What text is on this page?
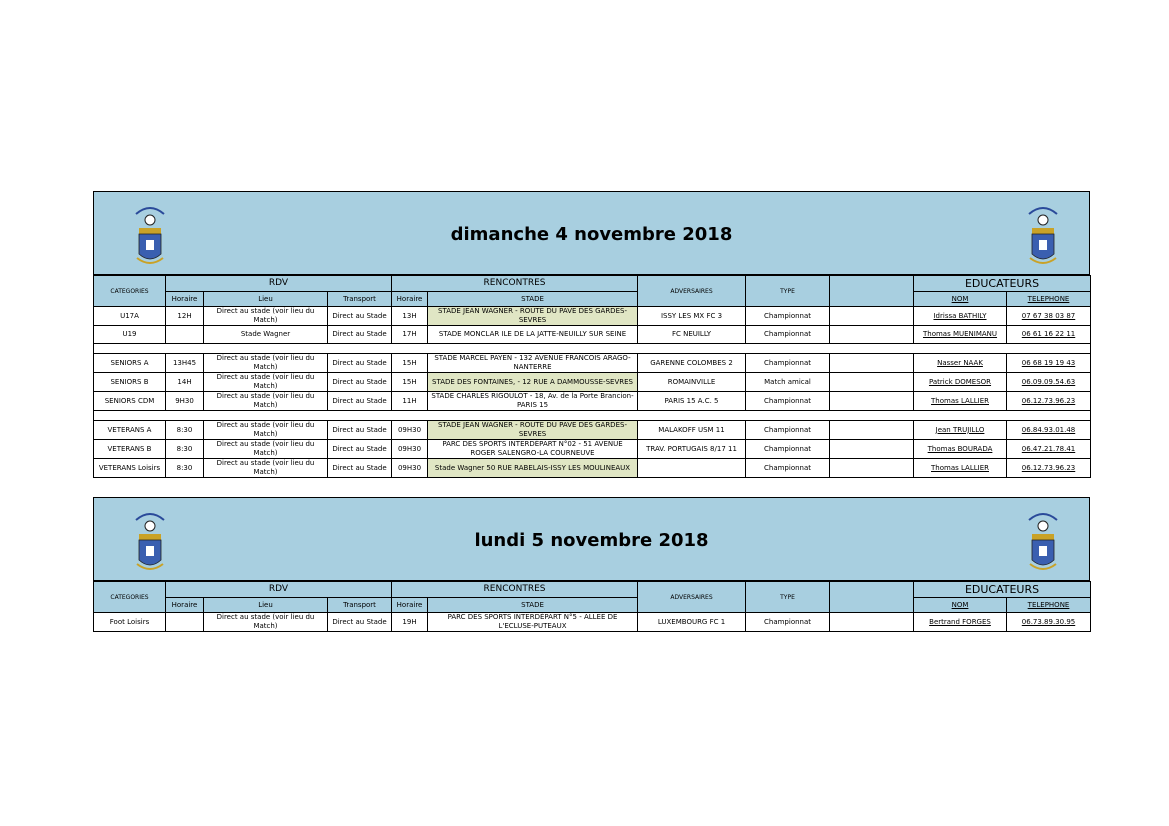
dimanche 4 novembre 2018
CATEGORIES	RDV			RENCONTRES		ADVERSAIRES	TYPE		EDUCATEURS	
	Horaire	Lieu	Transport	Horaire	STADE				NOM	TELEPHONE
U17A	12H	Direct au stade (voir lieu du Match)	Direct au Stade	13H	STADE JEAN WAGNER - ROUTE DU PAVE DES GARDES-SEVRES	ISSY LES MX FC 3	Championnat		Idrissa BATHILY	07 67 38 03 87
U19		Stade Wagner	Direct au Stade	17H	STADE MONCLAR ILE DE LA JATTE-NEUILLY SUR SEINE	FC NEUILLY	Championnat		Thomas MUENIMANU	06 61 16 22 11

SENIORS A	13H45	Direct au stade (voir lieu du Match)	Direct au Stade	15H	STADE MARCEL PAYEN - 132 AVENUE FRANCOIS ARAGO-NANTERRE	GARENNE COLOMBES 2	Championnat		Nasser NAAK	06 68 19 19 43
SENIORS B	14H	Direct au stade (voir lieu du Match)	Direct au Stade	15H	STADE DES FONTAINES, - 12 RUE A DAMMOUSSE-SEVRES	ROMAINVILLE	Match amical		Patrick DOMESOR	06.09.09.54.63
SENIORS CDM	9H30	Direct au stade (voir lieu du Match)	Direct au Stade	11H	STADE CHARLES RIGOULOT - 18, Av. de la Porte Brancion-PARIS 15	PARIS 15 A.C. 5	Championnat		Thomas LALLIER	06.12.73.96.23

VETERANS A	8:30	Direct au stade (voir lieu du Match)	Direct au Stade	09H30	STADE JEAN WAGNER - ROUTE DU PAVE DES GARDES-SEVRES	MALAKOFF USM 11	Championnat		Jean TRUJILLO	06.84.93.01.48
VETERANS B	8:30	Direct au stade (voir lieu du Match)	Direct au Stade	09H30	PARC DES SPORTS INTERDÉPART N°02 - 51 AVENUE ROGER SALENGRO-LA COURNEUVE	TRAV. PORTUGAIS 8/17 11	Championnat		Thomas BOURADA	06.47.21.78.41
VETERANS Loisirs	8:30	Direct au stade (voir lieu du Match)	Direct au Stade	09H30	Stade Wagner 50 RUE RABELAIS-ISSY LES MOULINEAUX		Championnat		Thomas LALLIER	06.12.73.96.23
lundi 5 novembre 2018
CATEGORIES	RDV			RENCONTRES		ADVERSAIRES	TYPE		EDUCATEURS	
	Horaire	Lieu	Transport	Horaire	STADE				NOM	TELEPHONE
Foot Loisirs		Direct au stade (voir lieu du Match)	Direct au Stade	19H	PARC DES SPORTS INTERDÉPART N°5 - ALLEE DE L'ECLUSE-PUTEAUX	LUXEMBOURG FC 1	Championnat		Bertrand FORGES	06.73.89.30.95
